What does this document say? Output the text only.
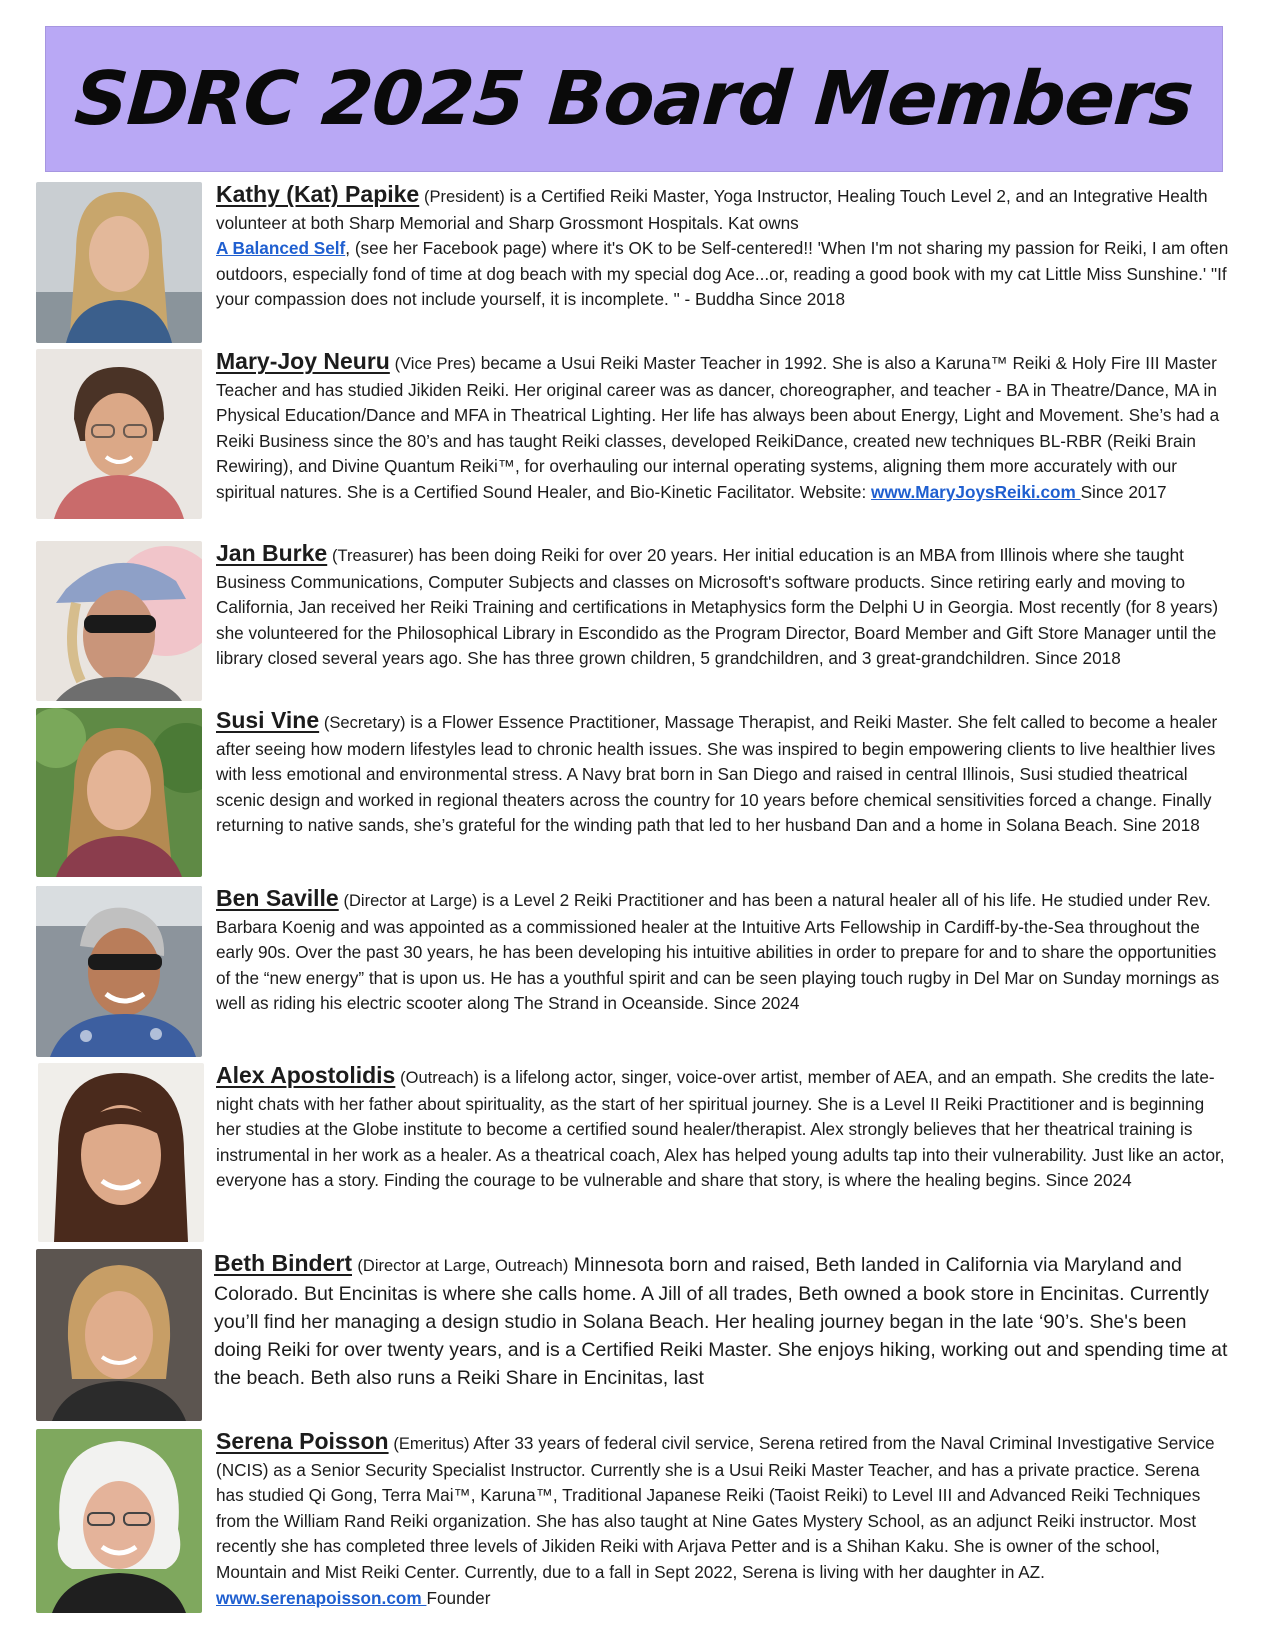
SDRC 2025 Board Members
Kathy (Kat) Papike (President) is a Certified Reiki Master, Yoga Instructor, Healing Touch Level 2, and an Integrative Health volunteer at both Sharp Memorial and Sharp Grossmont Hospitals. Kat owns
A Balanced Self, (see her Facebook page) where it's OK to be Self-centered!! 'When I'm not sharing my passion for Reiki, I am often outdoors, especially fond of time at dog beach with my special dog Ace...or, reading a good book with my cat Little Miss Sunshine.' "If your compassion does not include yourself, it is incomplete. " - Buddha Since 2018
Mary-Joy Neuru (Vice Pres) became a Usui Reiki Master Teacher in 1992. She is also a Karuna™ Reiki & Holy Fire III Master Teacher and has studied Jikiden Reiki. Her original career was as dancer, choreographer, and teacher - BA in Theatre/Dance, MA in Physical Education/Dance and MFA in Theatrical Lighting. Her life has always been about Energy, Light and Movement. She’s had a Reiki Business since the 80’s and has taught Reiki classes, developed ReikiDance, created new techniques BL-RBR (Reiki Brain Rewiring), and Divine Quantum Reiki™, for overhauling our internal operating systems, aligning them more accurately with our spiritual natures. She is a Certified Sound Healer, and Bio-Kinetic Facilitator. Website: www.MaryJoysReiki.com Since 2017
Jan Burke (Treasurer) has been doing Reiki for over 20 years. Her initial education is an MBA from Illinois where she taught Business Communications, Computer Subjects and classes on Microsoft's software products. Since retiring early and moving to California, Jan received her Reiki Training and certifications in Metaphysics form the Delphi U in Georgia. Most recently (for 8 years) she volunteered for the Philosophical Library in Escondido as the Program Director, Board Member and Gift Store Manager until the library closed several years ago. She has three grown children, 5 grandchildren, and 3 great-grandchildren. Since 2018
Susi Vine (Secretary) is a Flower Essence Practitioner, Massage Therapist, and Reiki Master. She felt called to become a healer after seeing how modern lifestyles lead to chronic health issues. She was inspired to begin empowering clients to live healthier lives with less emotional and environmental stress. A Navy brat born in San Diego and raised in central Illinois, Susi studied theatrical scenic design and worked in regional theaters across the country for 10 years before chemical sensitivities forced a change. Finally returning to native sands, she’s grateful for the winding path that led to her husband Dan and a home in Solana Beach. Sine 2018
Ben Saville (Director at Large) is a Level 2 Reiki Practitioner and has been a natural healer all of his life. He studied under Rev. Barbara Koenig and was appointed as a commissioned healer at the Intuitive Arts Fellowship in Cardiff-by-the-Sea throughout the early 90s. Over the past 30 years, he has been developing his intuitive abilities in order to prepare for and to share the opportunities of the “new energy” that is upon us. He has a youthful spirit and can be seen playing touch rugby in Del Mar on Sunday mornings as well as riding his electric scooter along The Strand in Oceanside. Since 2024
Alex Apostolidis (Outreach) is a lifelong actor, singer, voice-over artist, member of AEA, and an empath. She credits the late-night chats with her father about spirituality, as the start of her spiritual journey. She is a Level II Reiki Practitioner and is beginning her studies at the Globe institute to become a certified sound healer/therapist. Alex strongly believes that her theatrical training is instrumental in her work as a healer. As a theatrical coach, Alex has helped young adults tap into their vulnerability. Just like an actor, everyone has a story. Finding the courage to be vulnerable and share that story, is where the healing begins. Since 2024
Beth Bindert (Director at Large, Outreach) Minnesota born and raised, Beth landed in California via Maryland and Colorado. But Encinitas is where she calls home. A Jill of all trades, Beth owned a book store in Encinitas. Currently you’ll find her managing a design studio in Solana Beach. Her healing journey began in the late ‘90’s. She's been doing Reiki for over twenty years, and is a Certified Reiki Master. She enjoys hiking, working out and spending time at the beach. Beth also runs a Reiki Share in Encinitas, last
Serena Poisson (Emeritus) After 33 years of federal civil service, Serena retired from the Naval Criminal Investigative Service (NCIS) as a Senior Security Specialist Instructor. Currently she is a Usui Reiki Master Teacher, and has a private practice. Serena has studied Qi Gong, Terra Mai™, Karuna™, Traditional Japanese Reiki (Taoist Reiki) to Level III and Advanced Reiki Techniques from the William Rand Reiki organization. She has also taught at Nine Gates Mystery School, as an adjunct Reiki instructor. Most recently she has completed three levels of Jikiden Reiki with Arjava Petter and is a Shihan Kaku. She is owner of the school, Mountain and Mist Reiki Center. Currently, due to a fall in Sept 2022, Serena is living with her daughter in AZ. www.serenapoisson.com Founder
